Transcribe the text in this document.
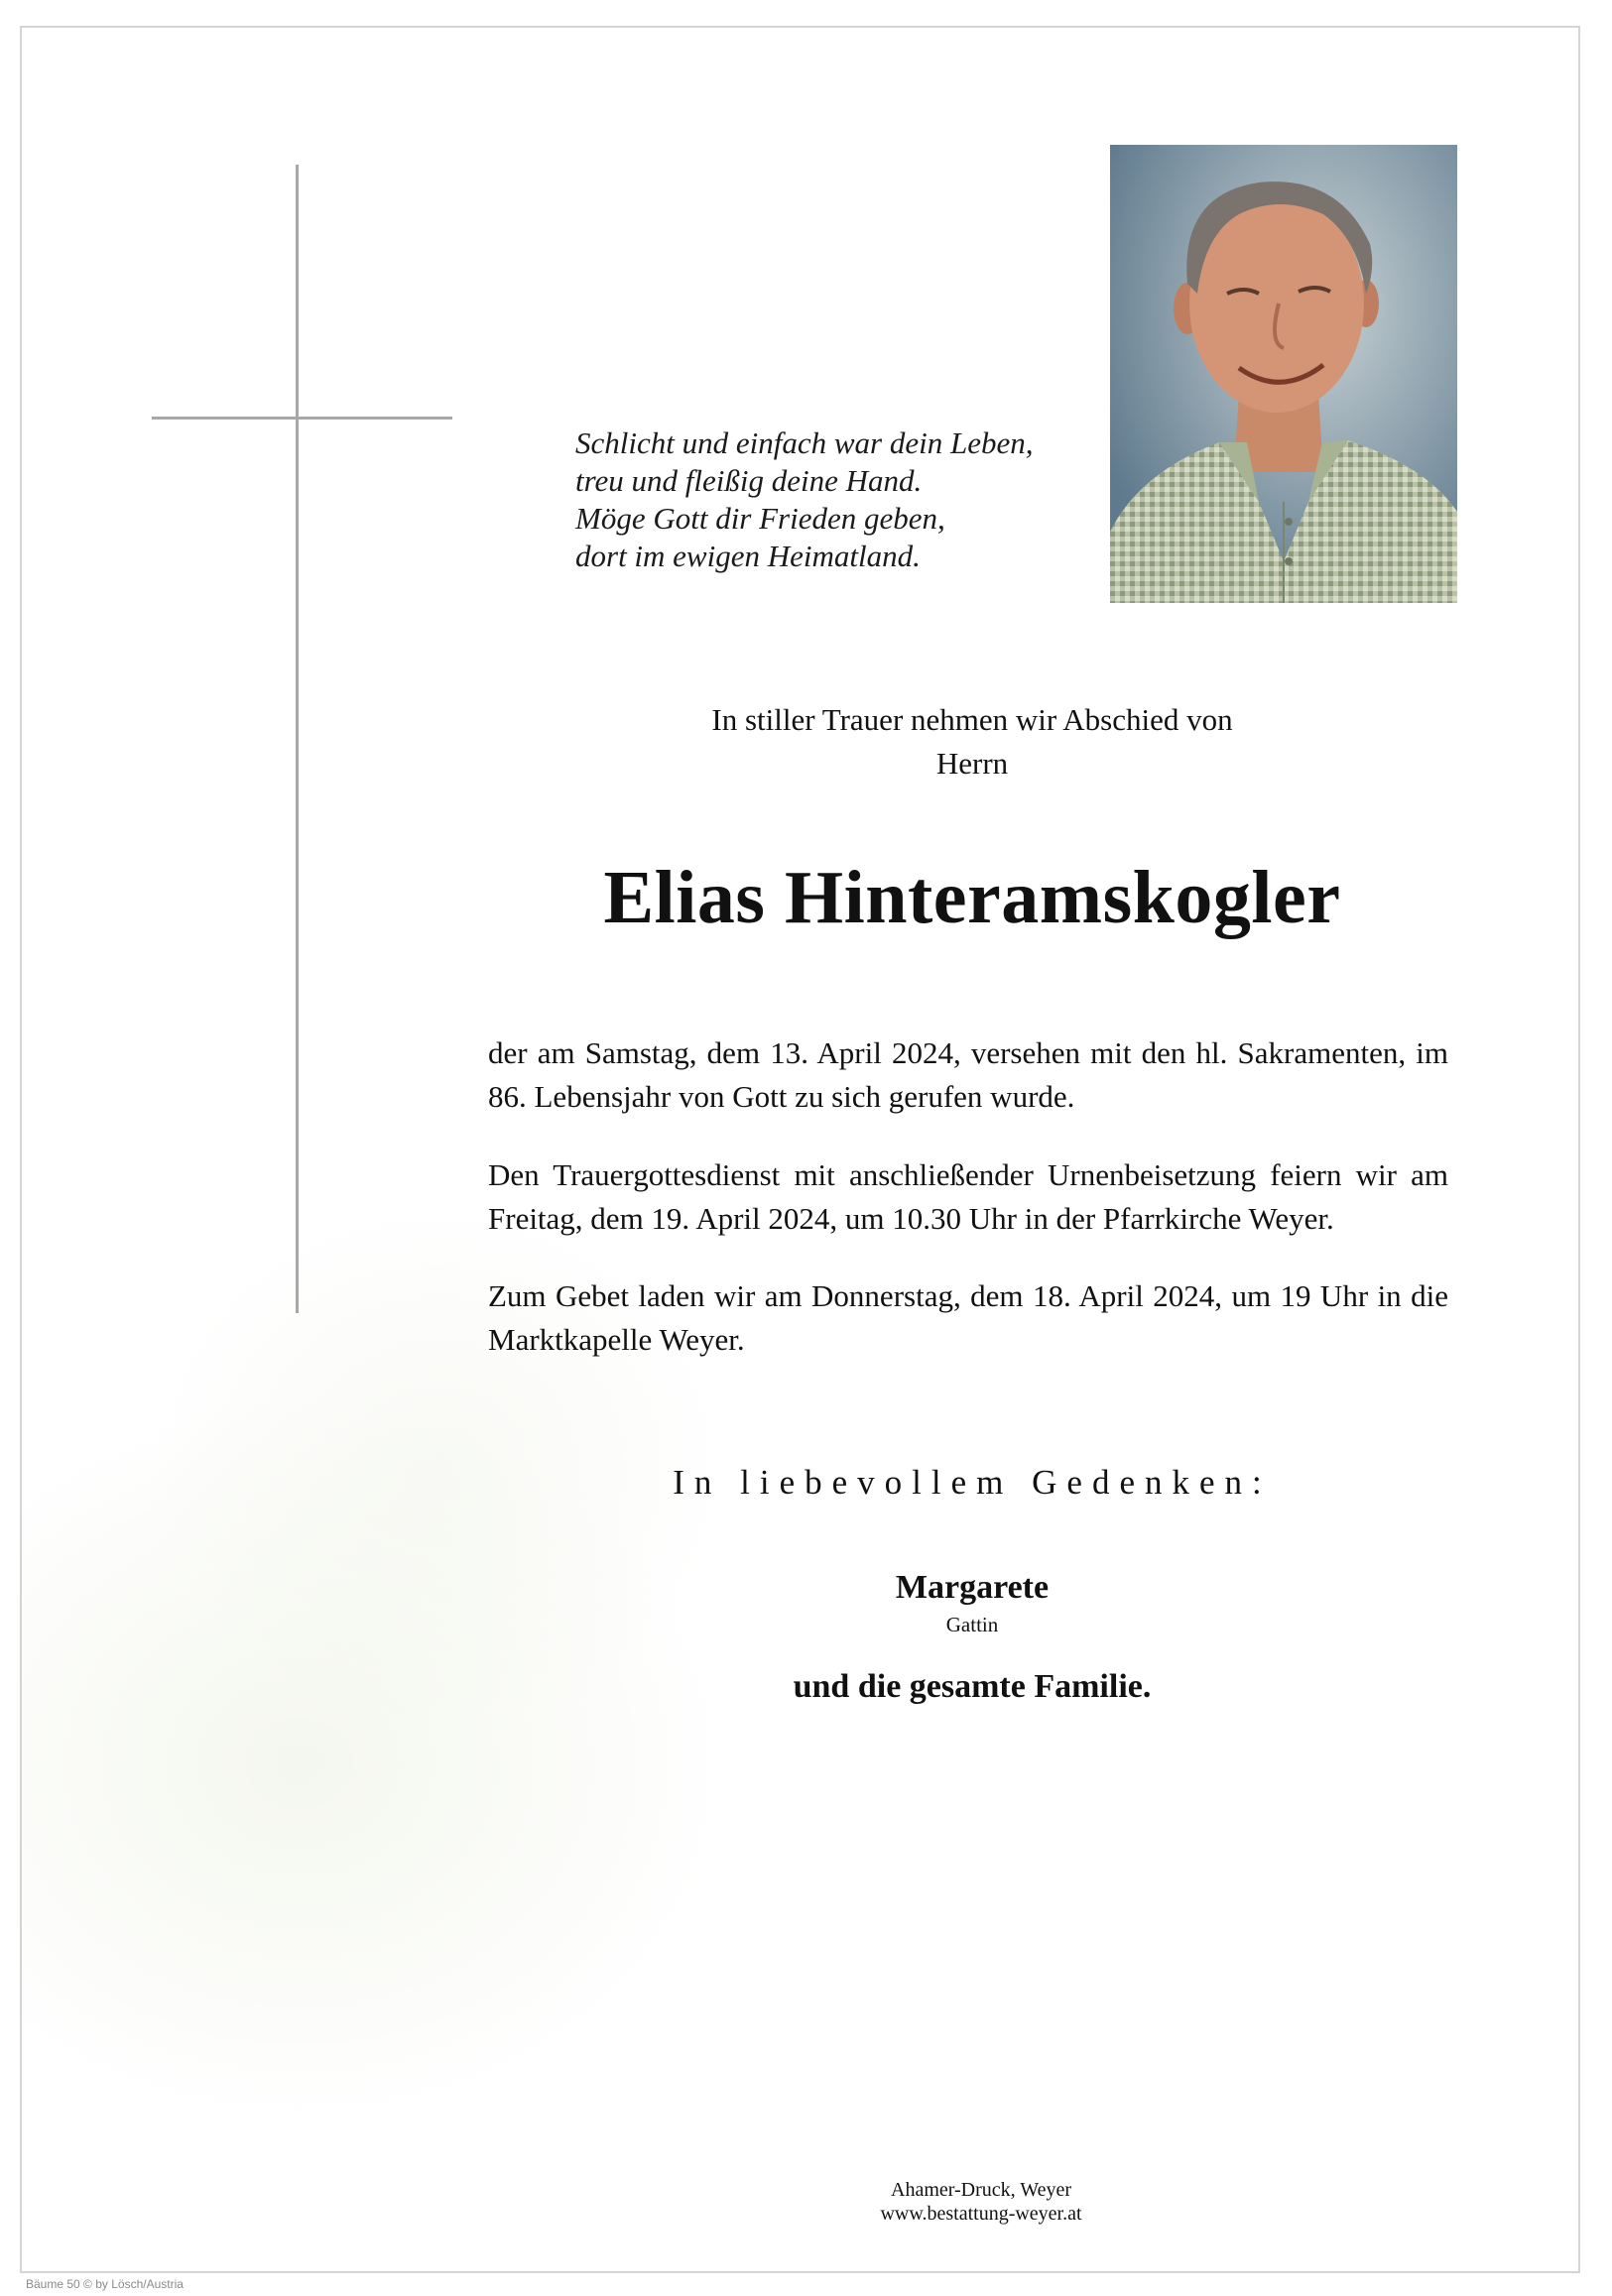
Schlicht und einfach war dein Leben,
treu und fleißig deine Hand.
Möge Gott dir Frieden geben,
dort im ewigen Heimatland.
In stiller Trauer nehmen wir Abschied von
Herrn
Elias Hinteramskogler
der am Samstag, dem 13. April 2024, versehen mit den hl. Sakramenten, im 86. Lebensjahr von Gott zu sich gerufen wurde.
Den Trauergottesdienst mit anschließender Urnenbeisetzung feiern wir am Freitag, dem 19. April 2024, um 10.30 Uhr in der Pfarrkirche Weyer.
Zum Gebet laden wir am Donnerstag, dem 18. April 2024, um 19 Uhr in die Marktkapelle Weyer.
In liebevollem Gedenken:
Margarete
Gattin
und die gesamte Familie.
Ahamer-Druck, Weyer
www.bestattung-weyer.at
Bäume 50 © by Lösch/Austria
